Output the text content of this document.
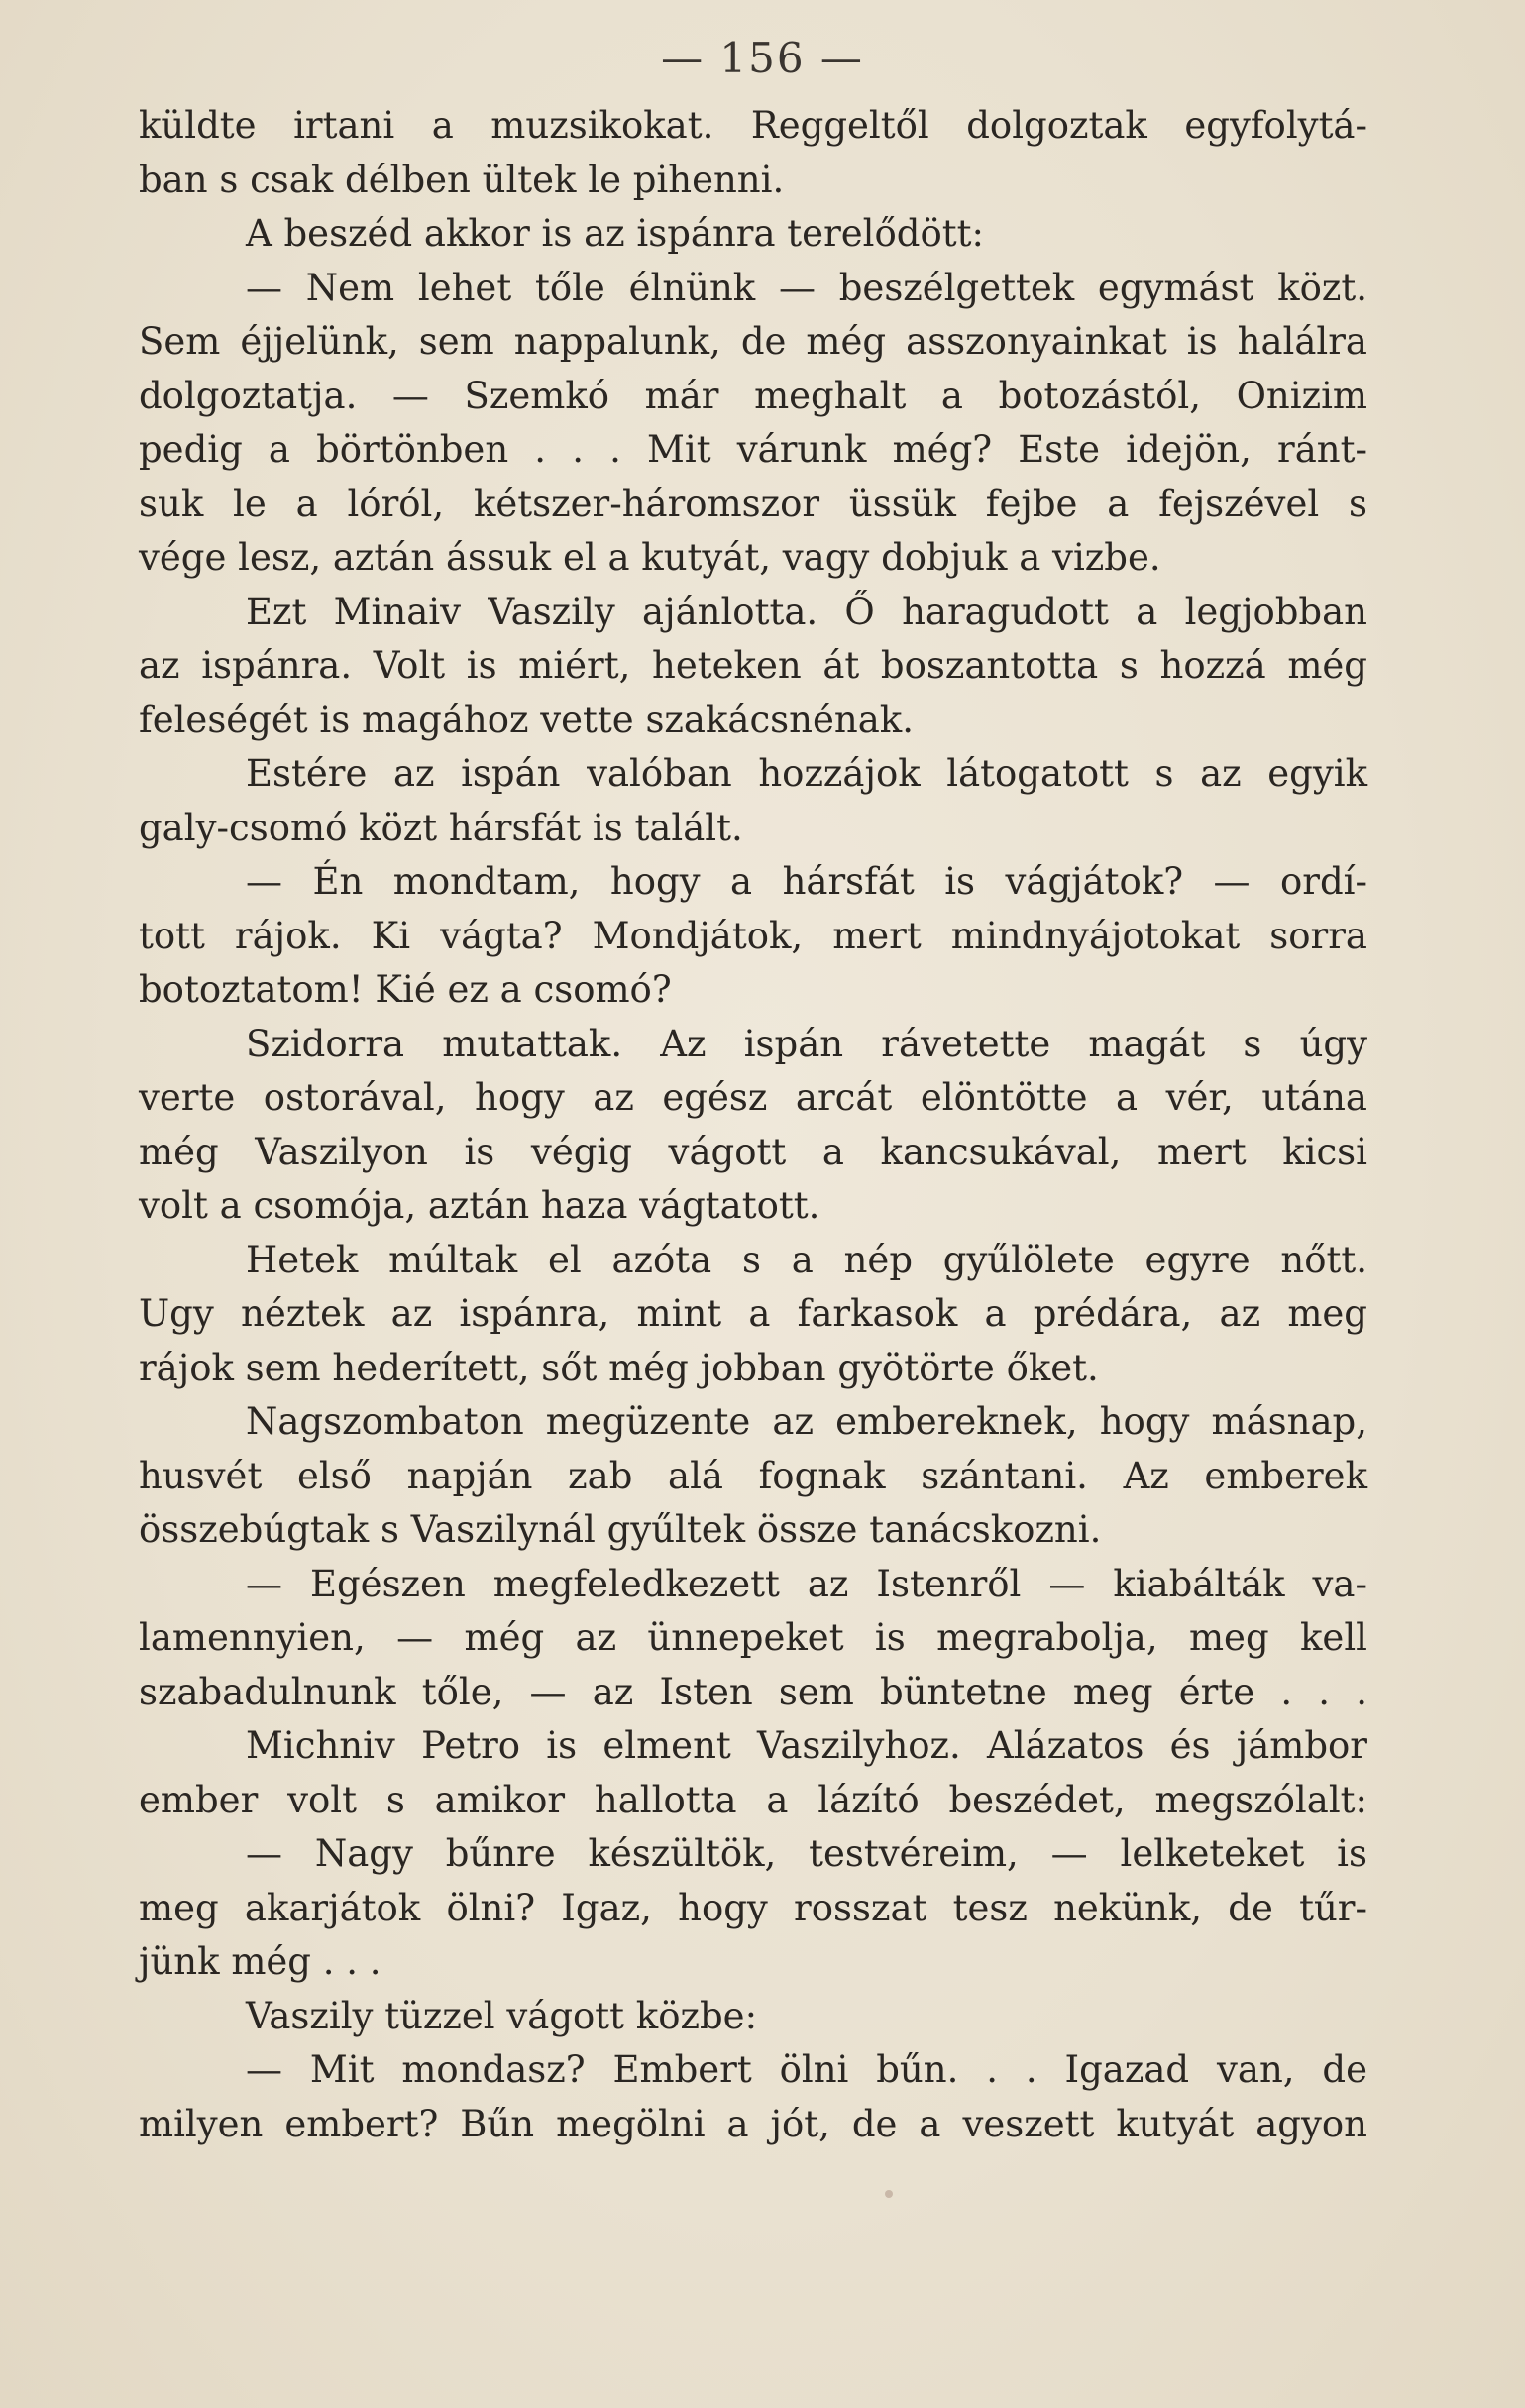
— 156 —
küldte irtani a muzsikokat. Reggeltől dolgoztak egyfolytá-
ban s csak délben ültek le pihenni.
A beszéd akkor is az ispánra terelődött:
— Nem lehet tőle élnünk — beszélgettek egymást közt.
Sem éjjelünk, sem nappalunk, de még asszonyainkat is halálra
dolgoztatja. — Szemkó már meghalt a botozástól, Onizim
pedig a börtönben . . . Mit várunk még? Este idejön, ránt-
suk le a lóról, kétszer-háromszor üssük fejbe a fejszével s
vége lesz, aztán ássuk el a kutyát, vagy dobjuk a vizbe.
Ezt Minaiv Vaszily ajánlotta. Ő haragudott a legjobban
az ispánra. Volt is miért, heteken át boszantotta s hozzá még
feleségét is magához vette szakácsnénak.
Estére az ispán valóban hozzájok látogatott s az egyik
galy-csomó közt hársfát is talált.
— Én mondtam, hogy a hársfát is vágjátok? — ordí-
tott rájok. Ki vágta? Mondjátok, mert mindnyájotokat sorra
botoztatom! Kié ez a csomó?
Szidorra mutattak. Az ispán rávetette magát s úgy
verte ostorával, hogy az egész arcát elöntötte a vér, utána
még Vaszilyon is végig vágott a kancsukával, mert kicsi
volt a csomója, aztán haza vágtatott.
Hetek múltak el azóta s a nép gyűlölete egyre nőtt.
Ugy néztek az ispánra, mint a farkasok a prédára, az meg
rájok sem hederített, sőt még jobban gyötörte őket.
Nagszombaton megüzente az embereknek, hogy másnap,
husvét első napján zab alá fognak szántani. Az emberek
összebúgtak s Vaszilynál gyűltek össze tanácskozni.
— Egészen megfeledkezett az Istenről — kiabálták va-
lamennyien, — még az ünnepeket is megrabolja, meg kell
szabadulnunk tőle, — az Isten sem büntetne meg érte . . .
Michniv Petro is elment Vaszilyhoz. Alázatos és jámbor
ember volt s amikor hallotta a lázító beszédet, megszólalt:
— Nagy bűnre készültök, testvéreim, — lelketeket is
meg akarjátok ölni? Igaz, hogy rosszat tesz nekünk, de tűr-
jünk még . . .
Vaszily tüzzel vágott közbe:
— Mit mondasz? Embert ölni bűn. . . Igazad van, de
milyen embert? Bűn megölni a jót, de a veszett kutyát agyon
